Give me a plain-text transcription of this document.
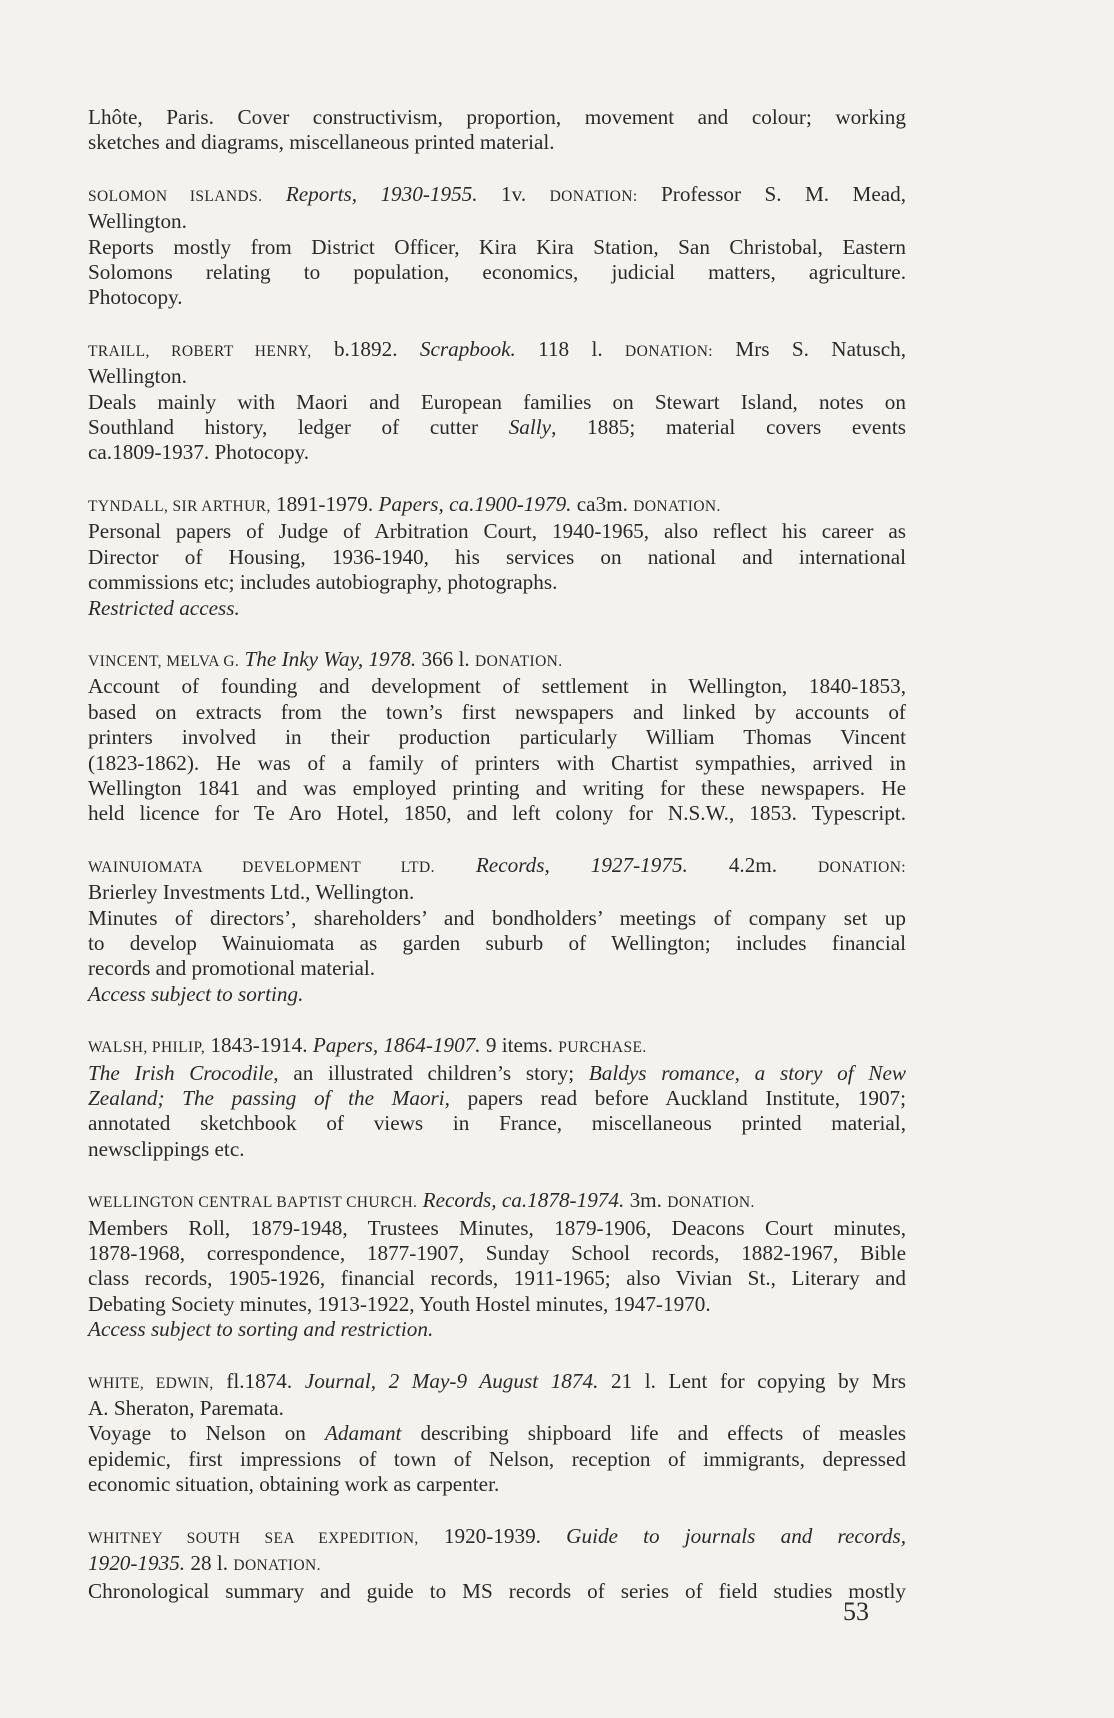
Lhôte, Paris. Cover constructivism, proportion, movement and colour; working
sketches and diagrams, miscellaneous printed material.
SOLOMON ISLANDS. Reports, 1930-1955. 1v. DONATION: Professor S. M. Mead,
Wellington.
Reports mostly from District Officer, Kira Kira Station, San Christobal, Eastern
Solomons relating to population, economics, judicial matters, agriculture.
Photocopy.
TRAILL, ROBERT HENRY, b.1892. Scrapbook. 118 l. DONATION: Mrs S. Natusch,
Wellington.
Deals mainly with Maori and European families on Stewart Island, notes on
Southland history, ledger of cutter Sally, 1885; material covers events
ca.1809-1937. Photocopy.
TYNDALL, SIR ARTHUR, 1891-1979. Papers, ca.1900-1979. ca3m. DONATION.
Personal papers of Judge of Arbitration Court, 1940-1965, also reflect his career as
Director of Housing, 1936-1940, his services on national and international
commissions etc; includes autobiography, photographs.
Restricted access.
VINCENT, MELVA G. The Inky Way, 1978. 366 l. DONATION.
Account of founding and development of settlement in Wellington, 1840-1853,
based on extracts from the town’s first newspapers and linked by accounts of
printers involved in their production particularly William Thomas Vincent
(1823-1862). He was of a family of printers with Chartist sympathies, arrived in
Wellington 1841 and was employed printing and writing for these newspapers. He
held licence for Te Aro Hotel, 1850, and left colony for N.S.W., 1853. Typescript.
WAINUIOMATA DEVELOPMENT LTD. Records, 1927-1975. 4.2m.	DONATION:
Brierley Investments Ltd., Wellington.
Minutes of directors’, shareholders’ and bondholders’ meetings of company set up
to develop Wainuiomata as garden suburb of Wellington; includes financial
records and promotional material.
Access subject to sorting.
WALSH, PHILIP, 1843-1914. Papers, 1864-1907. 9 items. PURCHASE.
The Irish Crocodile, an illustrated children’s story; Baldys romance, a story of New
Zealand; The passing of the Maori, papers read before Auckland Institute, 1907;
annotated sketchbook of views in France, miscellaneous printed material,
newsclippings etc.
WELLINGTON CENTRAL BAPTIST CHURCH. Records, ca.1878-1974. 3m. DONATION.
Members Roll, 1879-1948, Trustees Minutes, 1879-1906, Deacons Court minutes,
1878-1968, correspondence, 1877-1907, Sunday School records, 1882-1967, Bible
class records, 1905-1926, financial records, 1911-1965; also Vivian St., Literary and
Debating Society minutes, 1913-1922, Youth Hostel minutes, 1947-1970.
Access subject to sorting and restriction.
WHITE, EDWIN, fl.1874. Journal, 2 May-9 August 1874. 21 l. Lent for copying by Mrs
A. Sheraton, Paremata.
Voyage to Nelson on Adamant describing shipboard life and effects of measles
epidemic, first impressions of town of Nelson, reception of immigrants, depressed
economic situation, obtaining work as carpenter.
WHITNEY SOUTH SEA EXPEDITION, 1920-1939. Guide to journals and records,
1920-1935. 28 l. DONATION.
Chronological summary and guide to MS records of series of field studies mostly
53
